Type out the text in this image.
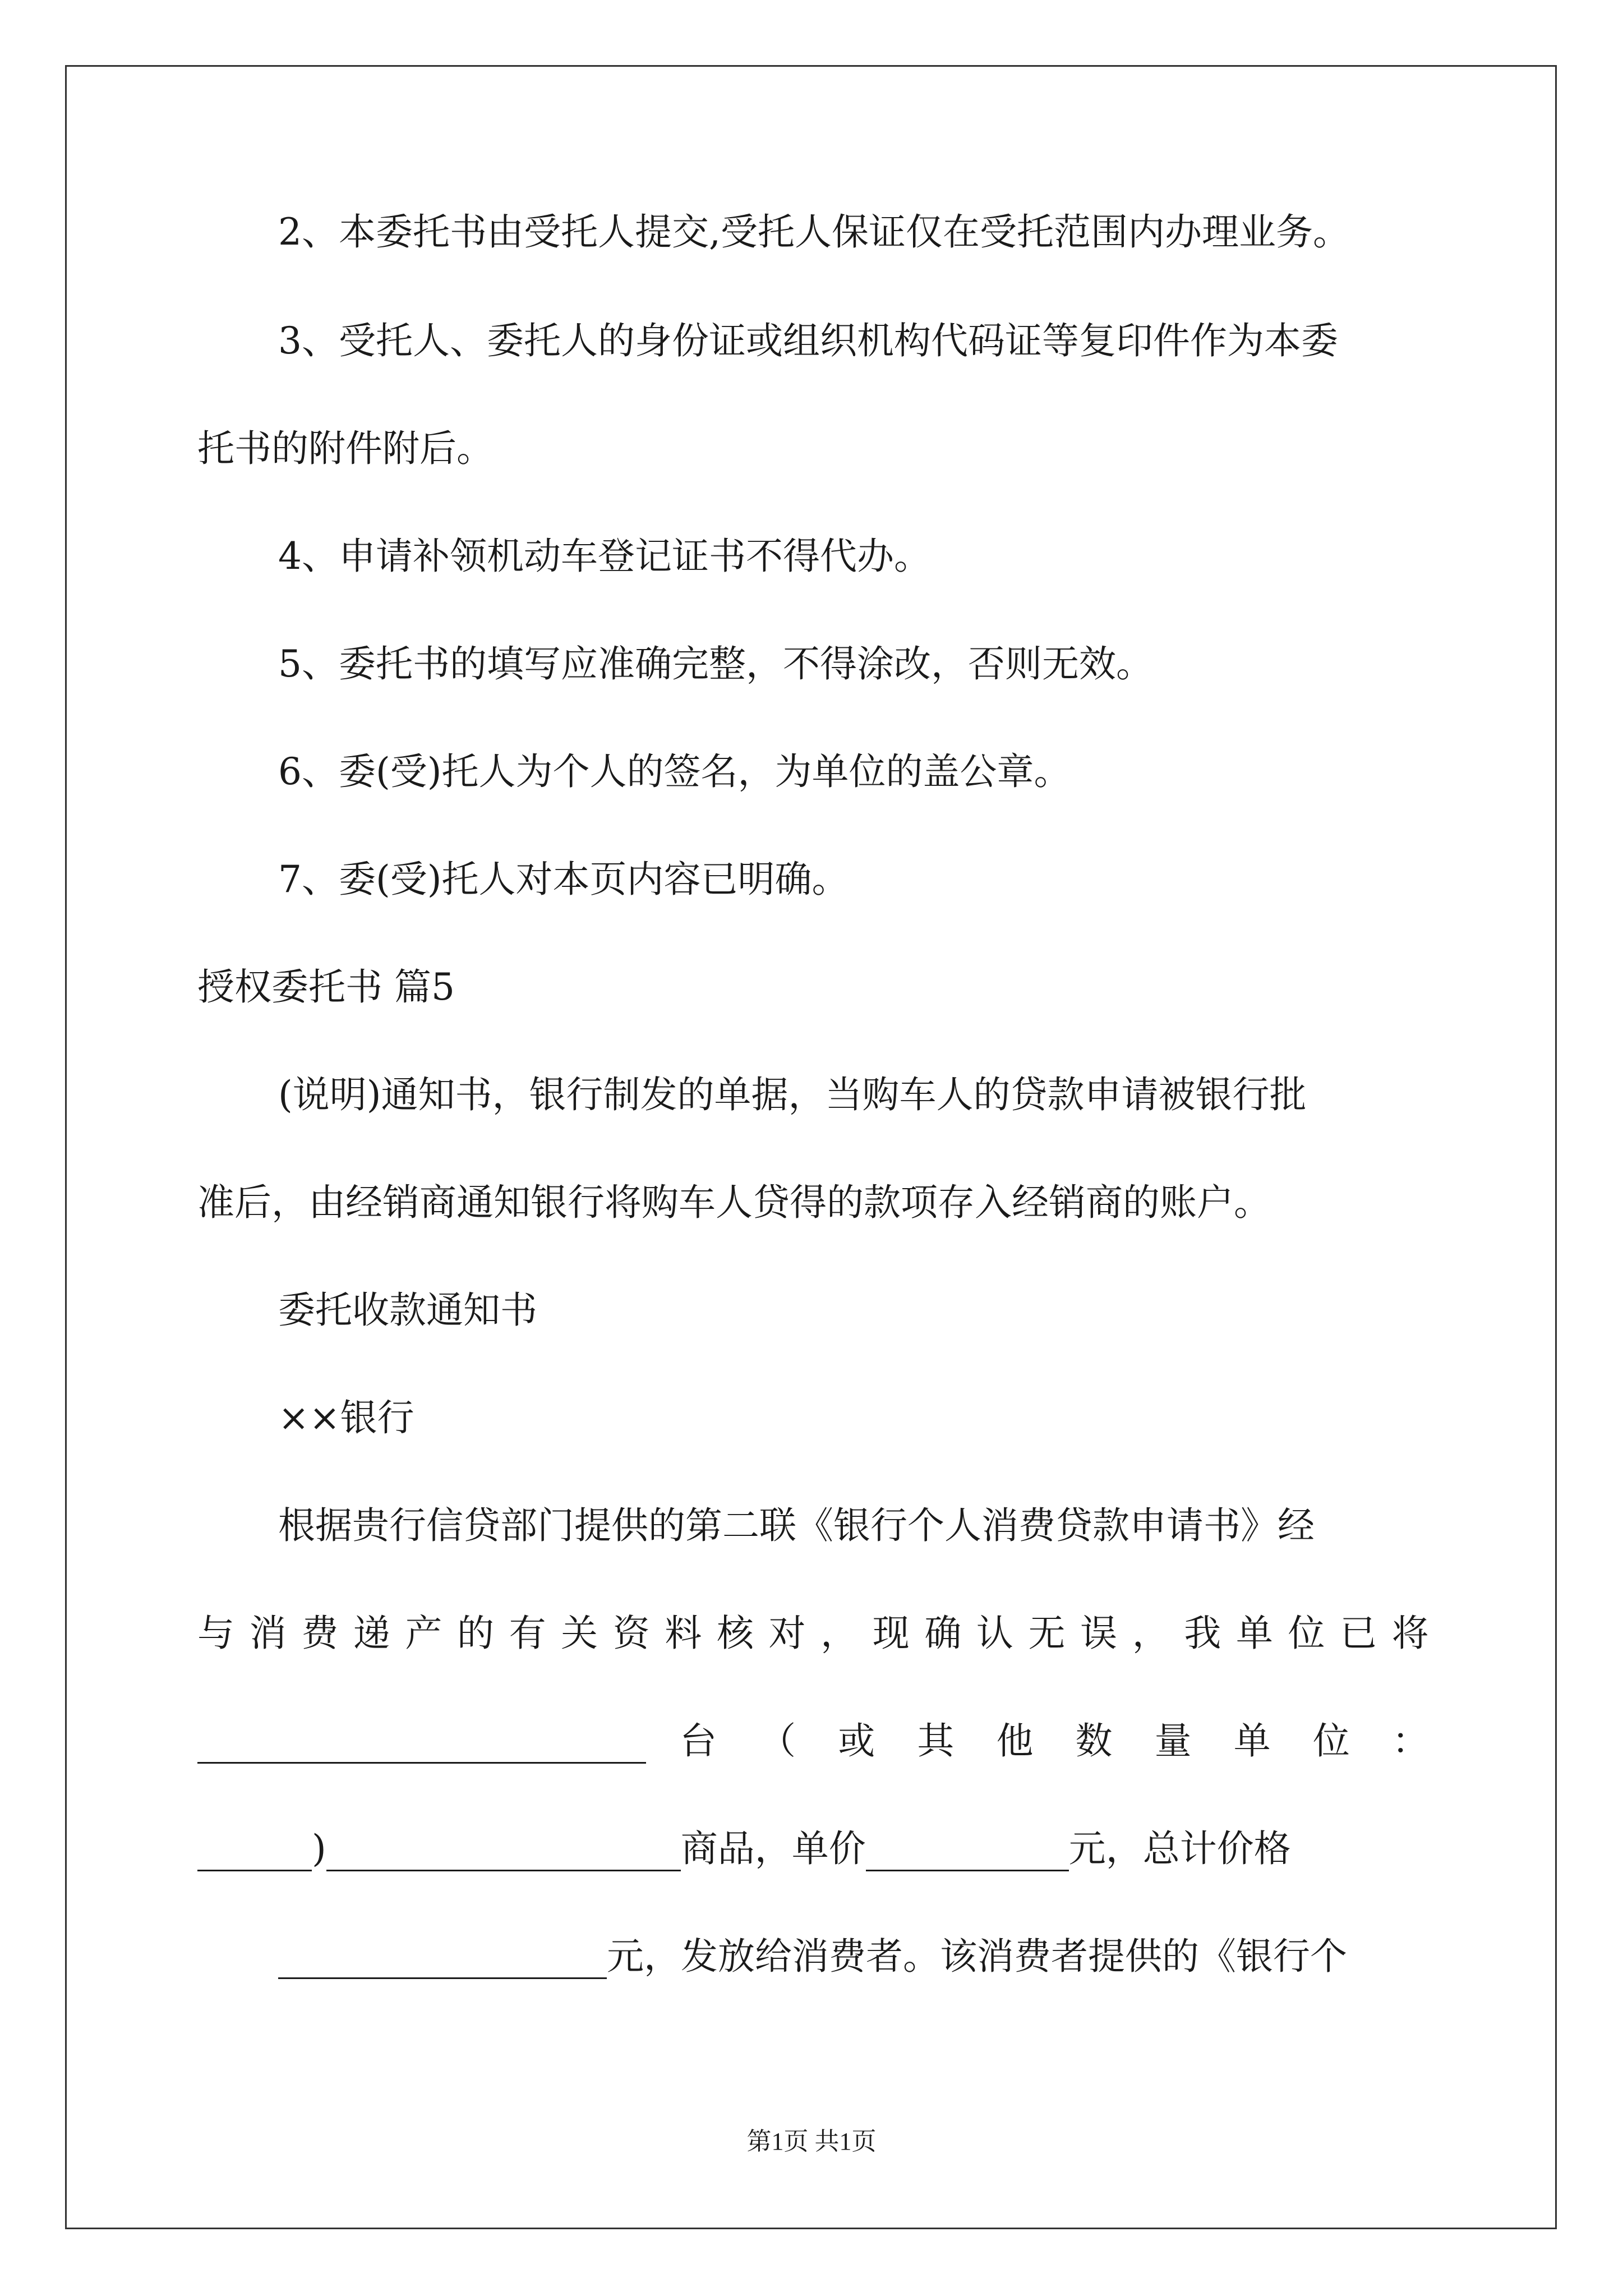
2、本委托书由受托人提交,受托人保证仅在受托范围内办理业务。
3、受托人、委托人的身份证或组织机构代码证等复印件作为本委
托书的附件附后。
4、申请补领机动车登记证书不得代办。
5、委托书的填写应准确完整，不得涂改，否则无效。
6、委(受)托人为个人的签名，为单位的盖公章。
7、委(受)托人对本页内容已明确。
授权委托书 篇5
(说明)通知书，银行制发的单据，当购车人的贷款申请被银行批
准后，由经销商通知银行将购车人贷得的款项存入经销商的账户。
委托收款通知书
××银行
根据贵行信贷部门提供的第二联《银行个人消费贷款申请书》经
与 消 费 递 产 的 有 关 资 料 核 对 ， 现 确 认 无 误 ， 我 单 位 已 将
台 （ 或 其 他 数 量 单 位 ：
)	商品，单价	元，总计价格
元，发放给消费者。该消费者提供的《银行个
第1页 共1页
